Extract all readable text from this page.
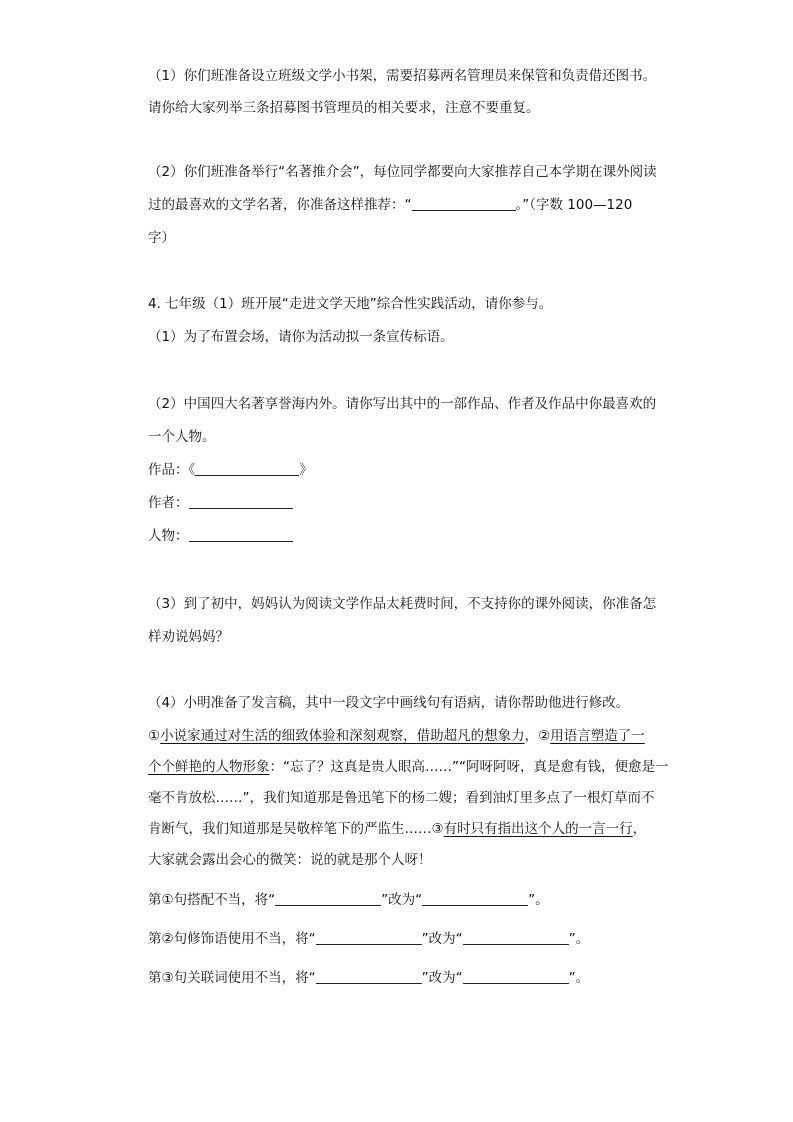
（1）你们班准备设立班级文学小书架，需要招募两名管理员来保管和负责借还图书。
请你给大家列举三条招募图书管理员的相关要求，注意不要重复。
（2）你们班准备举行“名著推介会”，每位同学都要向大家推荐自己本学期在课外阅读
过的最喜欢的文学名著，你准备这样推荐：“	。”（字数 100—120
字）
4. 七年级（1）班开展“走进文学天地”综合性实践活动，请你参与。
（1）为了布置会场，请你为活动拟一条宣传标语。
（2）中国四大名著享誉海内外。请你写出其中的一部作品、作者及作品中你最喜欢的
一个人物。
作品：《	》
作者：
人物：
（3）到了初中，妈妈认为阅读文学作品太耗费时间，不支持你的课外阅读，你准备怎
样劝说妈妈？
（4）小明准备了发言稿，其中一段文字中画线句有语病，请你帮助他进行修改。
①小说家通过对生活的细致体验和深刻观察，借助超凡的想象力，②用语言塑造了一
个个鲜艳的人物形象：“忘了？这真是贵人眼高……”“阿呀阿呀，真是愈有钱，便愈是一
毫不肯放松……”，我们知道那是鲁迅笔下的杨二嫂；看到油灯里多点了一根灯草而不
肯断气，我们知道那是吴敬梓笔下的严监生……③有时只有指出这个人的一言一行，
大家就会露出会心的微笑：说的就是那个人呀！
第①句搭配不当，将“	”改为“	”。
第②句修饰语使用不当，将“	”改为“	”。
第③句关联词使用不当，将“	”改为“	”。
